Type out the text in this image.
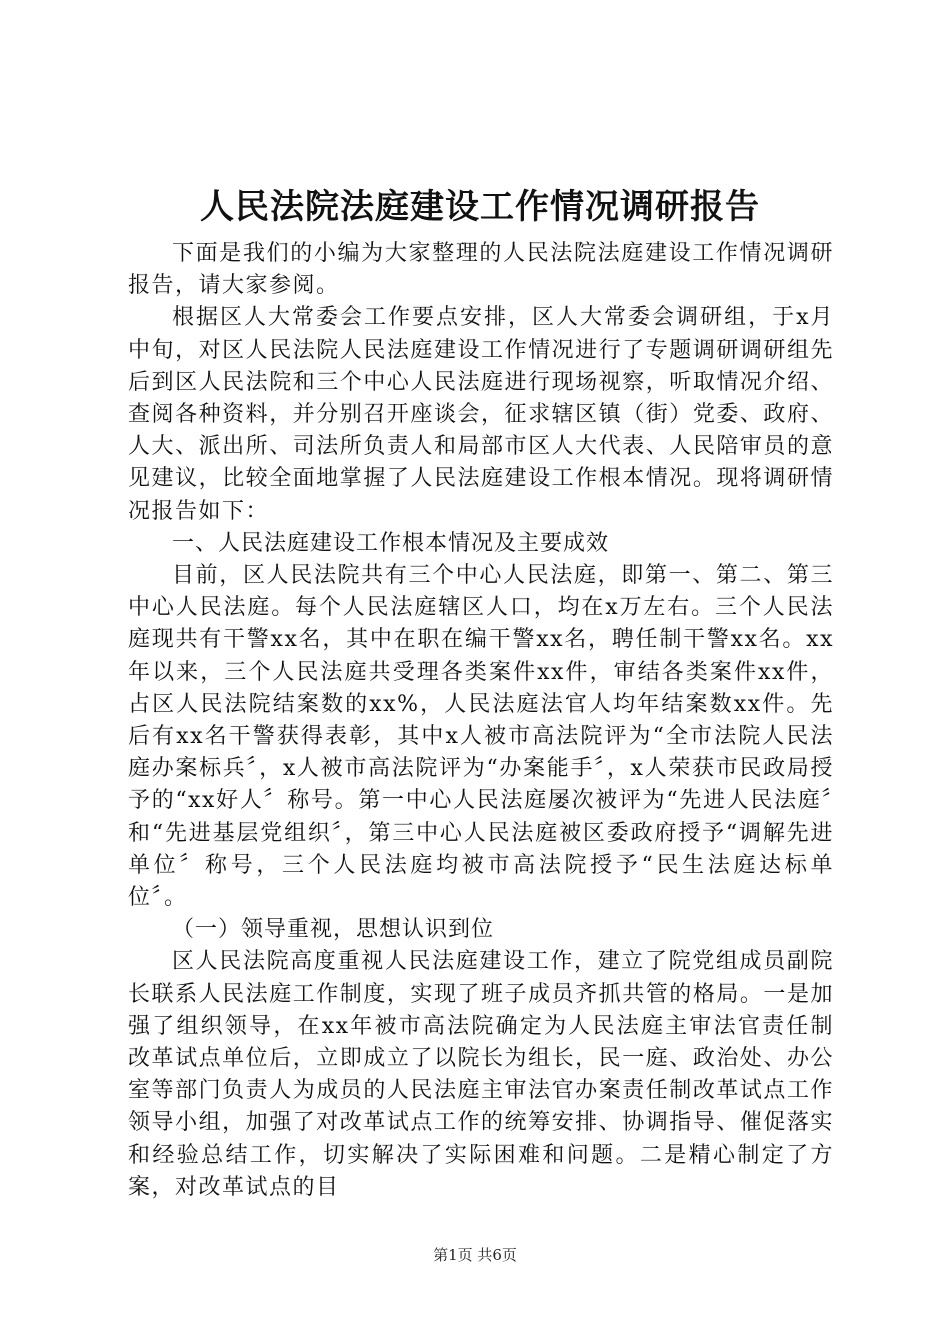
人民法院法庭建设工作情况调研报告

下面是我们的小编为大家整理的人民法院法庭建设工作情况调研报告，请大家参阅。

根据区人大常委会工作要点安排，区人大常委会调研组，于x月中旬，对区人民法院人民法庭建设工作情况进行了专题调研调研组先后到区人民法院和三个中心人民法庭进行现场视察，听取情况介绍、查阅各种资料，并分别召开座谈会，征求辖区镇（街）党委、政府、人大、派出所、司法所负责人和局部市区人大代表、人民陪审员的意见建议，比较全面地掌握了人民法庭建设工作根本情况。现将调研情况报告如下：

一、人民法庭建设工作根本情况及主要成效

目前，区人民法院共有三个中心人民法庭，即第一、第二、第三中心人民法庭。每个人民法庭辖区人口，均在x万左右。三个人民法庭现共有干警xx名，其中在职在编干警xx名，聘任制干警xx名。xx年以来，三个人民法庭共受理各类案件xx件，审结各类案件xx件，占区人民法院结案数的xx%，人民法庭法官人均年结案数xx件。先后有xx名干警获得表彰，其中x人被市高法院评为“全市法院人民法庭办案标兵〞，x人被市高法院评为“办案能手〞，x人荣获市民政局授予的“xx好人〞称号。第一中心人民法庭屡次被评为“先进人民法庭〞和“先进基层党组织〞，第三中心人民法庭被区委政府授予“调解先进单位〞称号，三个人民法庭均被市高法院授予“民生法庭达标单位〞。

（一）领导重视，思想认识到位

区人民法院高度重视人民法庭建设工作，建立了院党组成员副院长联系人民法庭工作制度，实现了班子成员齐抓共管的格局。一是加强了组织领导，在xx年被市高法院确定为人民法庭主审法官责任制改革试点单位后，立即成立了以院长为组长，民一庭、政治处、办公室等部门负责人为成员的人民法庭主审法官办案责任制改革试点工作领导小组，加强了对改革试点工作的统筹安排、协调指导、催促落实和经验总结工作，切实解决了实际困难和问题。二是精心制定了方案，对改革试点的目

第1页 共6页
